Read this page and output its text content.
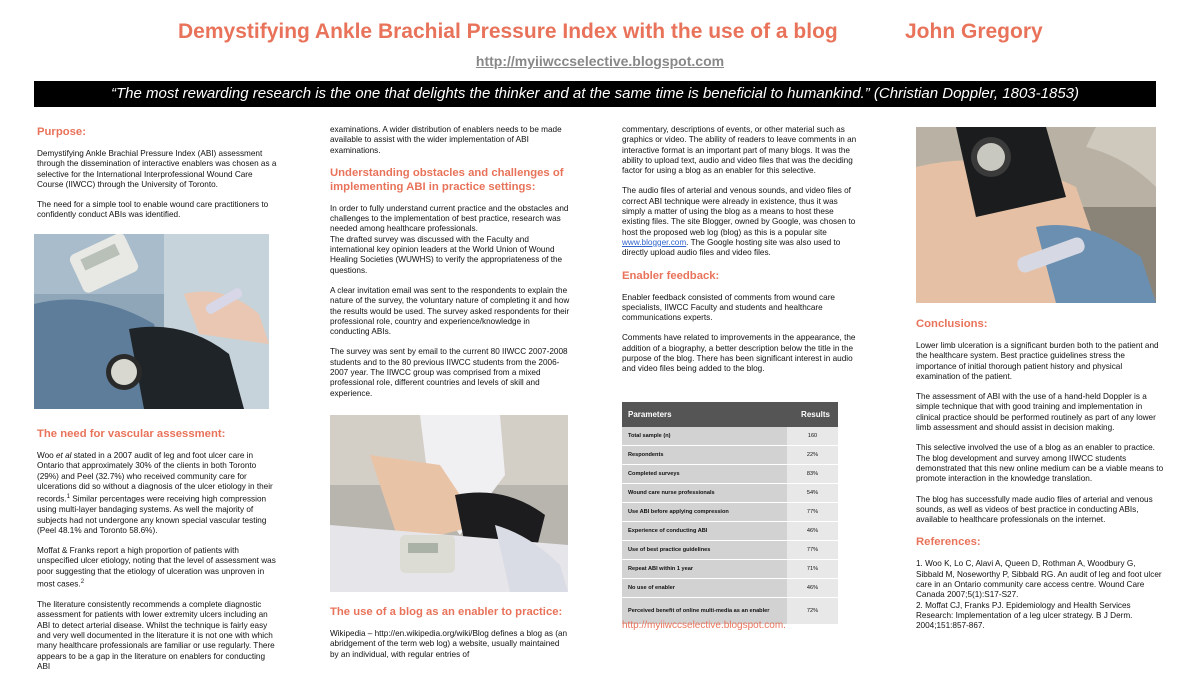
Demystifying Ankle Brachial Pressure Index with the use of a blog	John Gregory
http://myiiwccselective.blogspot.com
“The most rewarding research is the one that delights the thinker and at the same time is beneficial to humankind.” (Christian Doppler, 1803-1853)
Purpose:

Demystifying Ankle Brachial Pressure Index (ABI) assessment through the dissemination of interactive enablers was chosen as a selective for the International Interprofessional Wound Care Course (IIWCC) through the University of Toronto.

The need for a simple tool to enable wound care practitioners to confidently conduct ABIs was identified.

The need for vascular assessment:

Woo et al stated in a 2007 audit of leg and foot ulcer care in Ontario that approximately 30% of the clients in both Toronto (29%) and Peel (32.7%) who received community care for ulcerations did so without a diagnosis of the ulcer etiology in their records.$^1$ Similar percentages were receiving high compression using multi-layer bandaging systems. As well the majority of subjects had not undergone any known special vascular testing (Peel 48.1% and Toronto 58.6%).

Moffat & Franks report a high proportion of patients with unspecified ulcer etiology, noting that the level of assessment was poor suggesting that the etiology of ulceration was unproven in most cases.$^2$

The literature consistently recommends a complete diagnostic assessment for patients with lower extremity ulcers including an ABI to detect arterial disease. Whilst the technique is fairly easy and very well documented in the literature it is not one with which many healthcare professionals are familiar or use regularly. There appears to be a gap in the literature on enablers for conducting ABI

examinations. A wider distribution of enablers needs to be made available to assist with the wider implementation of ABI examinations.

Understanding obstacles and challenges of implementing ABI in practice settings:

In order to fully understand current practice and the obstacles and challenges to the implementation of best practice, research was needed among healthcare professionals.

The drafted survey was discussed with the Faculty and international key opinion leaders at the World Union of Wound Healing Societies (WUWHS) to verify the appropriateness of the questions.

A clear invitation email was sent to the respondents to explain the nature of the survey, the voluntary nature of completing it and how the results would be used. The survey asked respondents for their professional role, country and experience/knowledge in conducting ABIs.

The survey was sent by email to the current 80 IIWCC 2007-2008 students and to the 80 previous IIWCC students from the 2006-2007 year. The IIWCC group was comprised from a mixed professional role, different countries and levels of skill and experience.

The use of a blog as an enabler to practice:

Wikipedia – http://en.wikipedia.org/wiki/Blog defines a blog as (an abridgement of the term web log) a website, usually maintained by an individual, with regular entries of

commentary, descriptions of events, or other material such as graphics or video. The ability of readers to leave comments in an interactive format is an important part of many blogs. It was the ability to upload text, audio and video files that was the deciding factor for using a blog as an enabler for this selective.

The audio files of arterial and venous sounds, and video files of correct ABI technique were already in existence, thus it was simply a matter of using the blog as a means to host these existing files. The site Blogger, owned by Google, was chosen to host the proposed web log (blog) as this is a popular site www.blogger.com. The Google hosting site was also used to directly upload audio files and video files.

Enabler feedback:

Enabler feedback consisted of comments from wound care specialists, IIWCC Faculty and students and healthcare communications experts.

Comments have related to improvements in the appearance, the addition of a biography, a better description below the title in the purpose of the blog. There has been significant interest in audio and video files being added to the blog.

Parameters	Results
Total sample (n)	160
Respondents	22%
Completed surveys	83%
Wound care nurse professionals	54%
Use ABI before applying compression	77%
Experience of conducting ABI	46%
Use of best practice guidelines	77%
Repeat ABI within 1 year	71%
No use of enabler	46%
Perceived benefit of online multi-media as an enabler	72%
http://myiiwccselective.blogspot.com.
Conclusions:

Lower limb ulceration is a significant burden both to the patient and the healthcare system. Best practice guidelines stress the importance of initial thorough patient history and physical examination of the patient.

The assessment of ABI with the use of a hand-held Doppler is a simple technique that with good training and implementation in clinical practice should be performed routinely as part of any lower limb assessment and should assist in decision making.

This selective involved the use of a blog as an enabler to practice. The blog development and survey among IIWCC students demonstrated that this new online medium can be a viable means to promote interaction in the knowledge translation.

The blog has successfully made audio files of arterial and venous sounds, as well as videos of best practice in conducting ABIs, available to healthcare professionals on the internet.

References:

1. Woo K, Lo C, Alavi A, Queen D, Rothman A, Woodbury G, Sibbald M, Noseworthy P, Sibbald RG. An audit of leg and foot ulcer care in an Ontario community care access centre. Wound Care Canada 2007;5(1):S17-S27.

2. Moffat CJ, Franks PJ. Epidemiology and Health Services Research: Implementation of a leg ulcer strategy. B J Derm. 2004;151:857-867.
